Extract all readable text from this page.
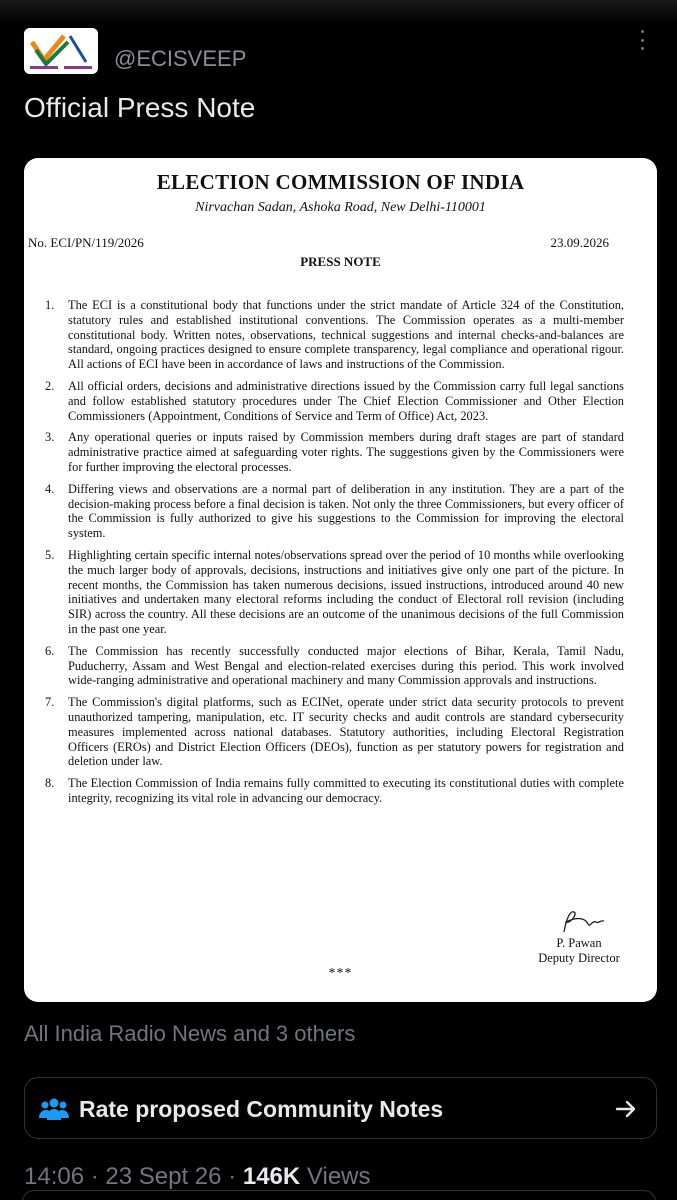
@ECISVEEP
Official Press Note
ELECTION COMMISSION OF INDIA
Nirvachan Sadan, Ashoka Road, New Delhi-110001
No. ECI/PN/119/2026	23.09.2026
PRESS NOTE
1. The ECI is a constitutional body that functions under the strict mandate of Article 324 of the Constitution, statutory rules and established institutional conventions. The Commission operates as a multi-member constitutional body. Written notes, observations, technical suggestions and internal checks-and-balances are standard, ongoing practices designed to ensure complete transparency, legal compliance and operational rigour. All actions of ECI have been in accordance of laws and instructions of the Commission.
2. All official orders, decisions and administrative directions issued by the Commission carry full legal sanctions and follow established statutory procedures under The Chief Election Commissioner and Other Election Commissioners (Appointment, Conditions of Service and Term of Office) Act, 2023.
3. Any operational queries or inputs raised by Commission members during draft stages are part of standard administrative practice aimed at safeguarding voter rights. The suggestions given by the Commissioners were for further improving the electoral processes.
4. Differing views and observations are a normal part of deliberation in any institution. They are a part of the decision-making process before a final decision is taken. Not only the three Commissioners, but every officer of the Commission is fully authorized to give his suggestions to the Commission for improving the electoral system.
5. Highlighting certain specific internal notes/observations spread over the period of 10 months while overlooking the much larger body of approvals, decisions, instructions and initiatives give only one part of the picture. In recent months, the Commission has taken numerous decisions, issued instructions, introduced around 40 new initiatives and undertaken many electoral reforms including the conduct of Electoral roll revision (including SIR) across the country. All these decisions are an outcome of the unanimous decisions of the full Commission in the past one year.
6. The Commission has recently successfully conducted major elections of Bihar, Kerala, Tamil Nadu, Puducherry, Assam and West Bengal and election-related exercises during this period. This work involved wide-ranging administrative and operational machinery and many Commission approvals and instructions.
7. The Commission's digital platforms, such as ECINet, operate under strict data security protocols to prevent unauthorized tampering, manipulation, etc. IT security checks and audit controls are standard cybersecurity measures implemented across national databases. Statutory authorities, including Electoral Registration Officers (EROs) and District Election Officers (DEOs), function as per statutory powers for registration and deletion under law.
8. The Election Commission of India remains fully committed to executing its constitutional duties with complete integrity, recognizing its vital role in advancing our democracy.
P. Pawan
Deputy Director
***
All India Radio News and 3 others
Rate proposed Community Notes
14:06 · 23 Sept 26 · 146K Views
